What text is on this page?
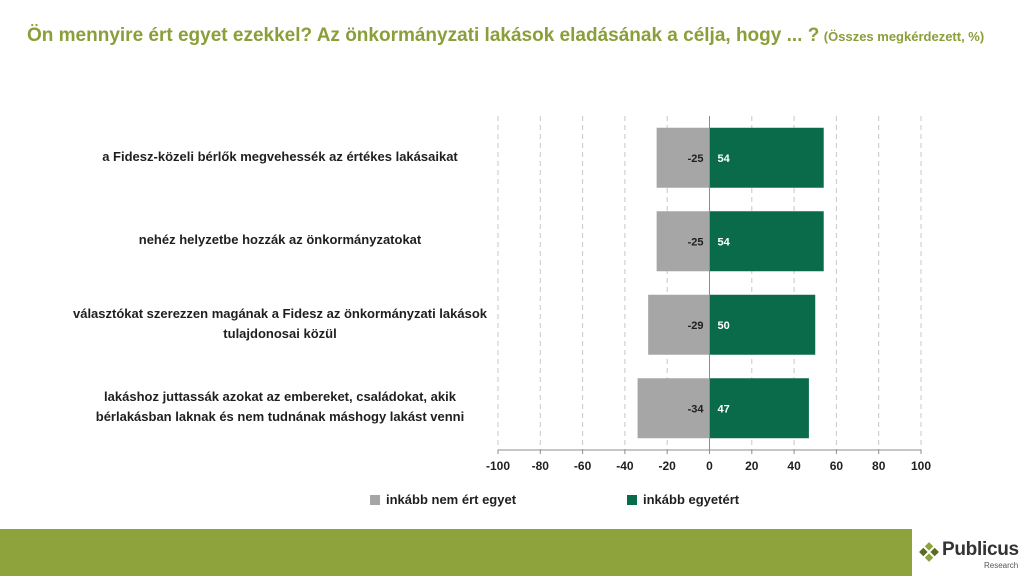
Ön mennyire ért egyet ezekkel? Az önkormányzati lakások eladásának a célja, hogy ... ? (Összes megkérdezett, %)
-25 54
-25 54
-29 50
-34 47
-100 -80 -60 -40 -20	0	20 40 60 80 100
a Fidesz-közeli bérlők megvehessék az értékes lakásaikat
nehéz helyzetbe hozzák az önkormányzatokat
választókat szerezzen magának a Fidesz az önkormányzati lakások tulajdonosai közül
lakáshoz juttassák azokat az embereket, családokat, akik bérlakásban laknak és nem tudnának máshogy lakást venni
inkább nem ért egyet	inkább egyetért
Publicus
Research
